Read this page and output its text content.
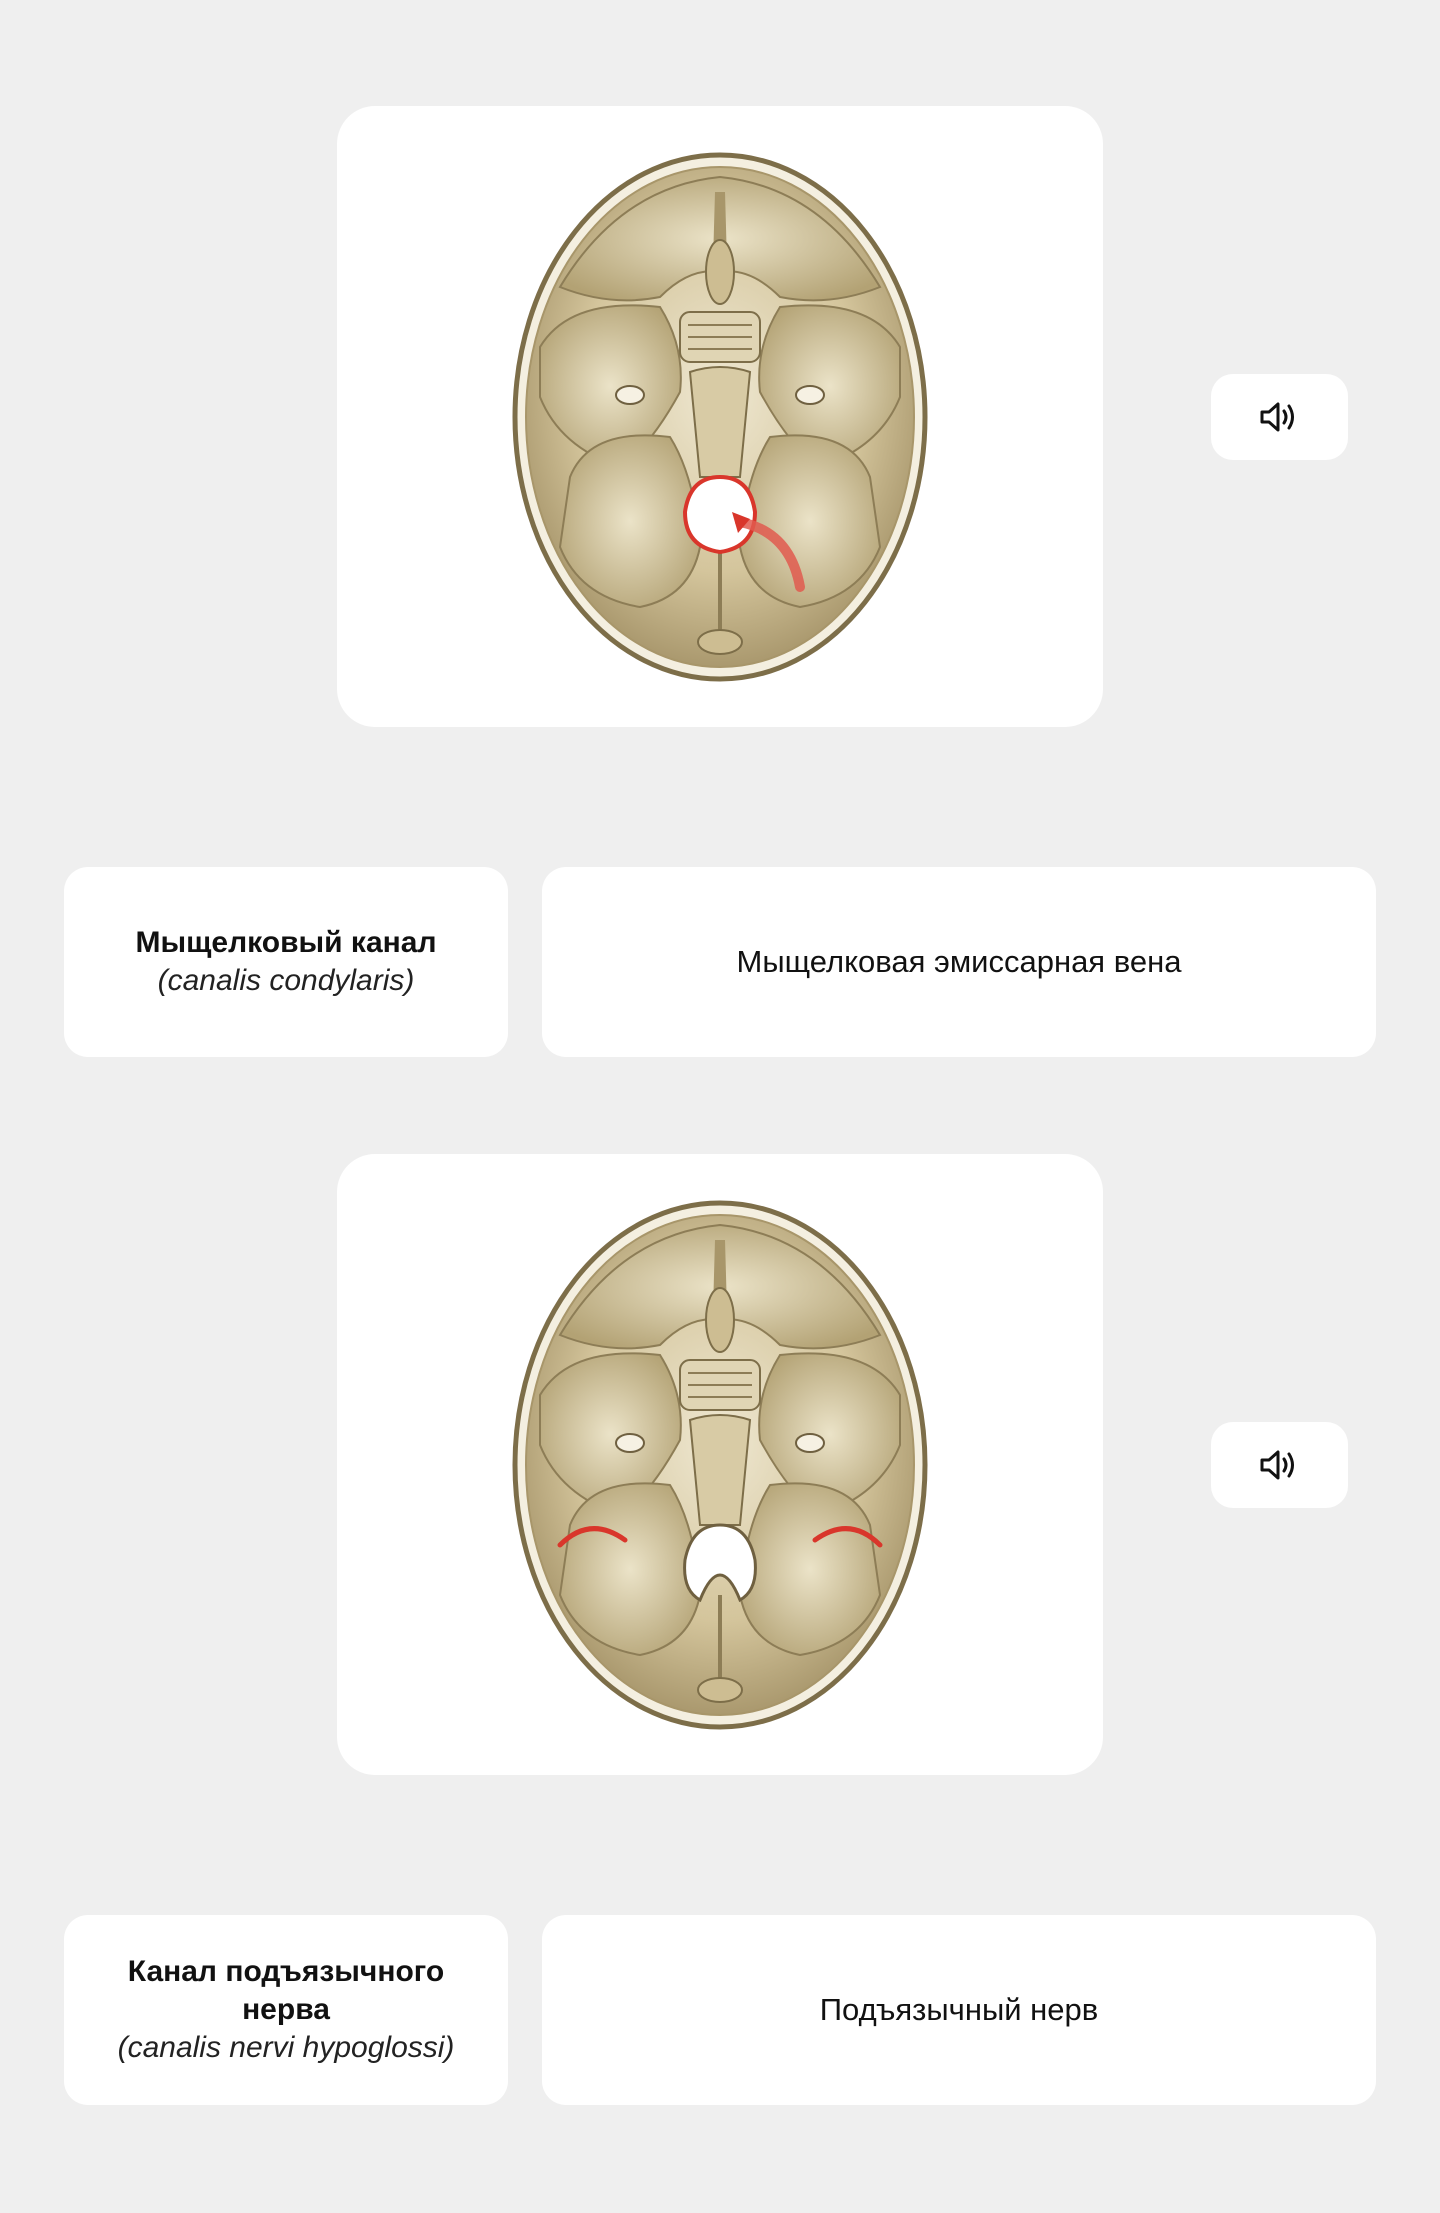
Мыщелковый канал
(canalis condylaris)
Мыщелковая эмиссарная вена
Канал подъязычного нерва
(canalis nervi hypoglossi)
Подъязычный нерв
